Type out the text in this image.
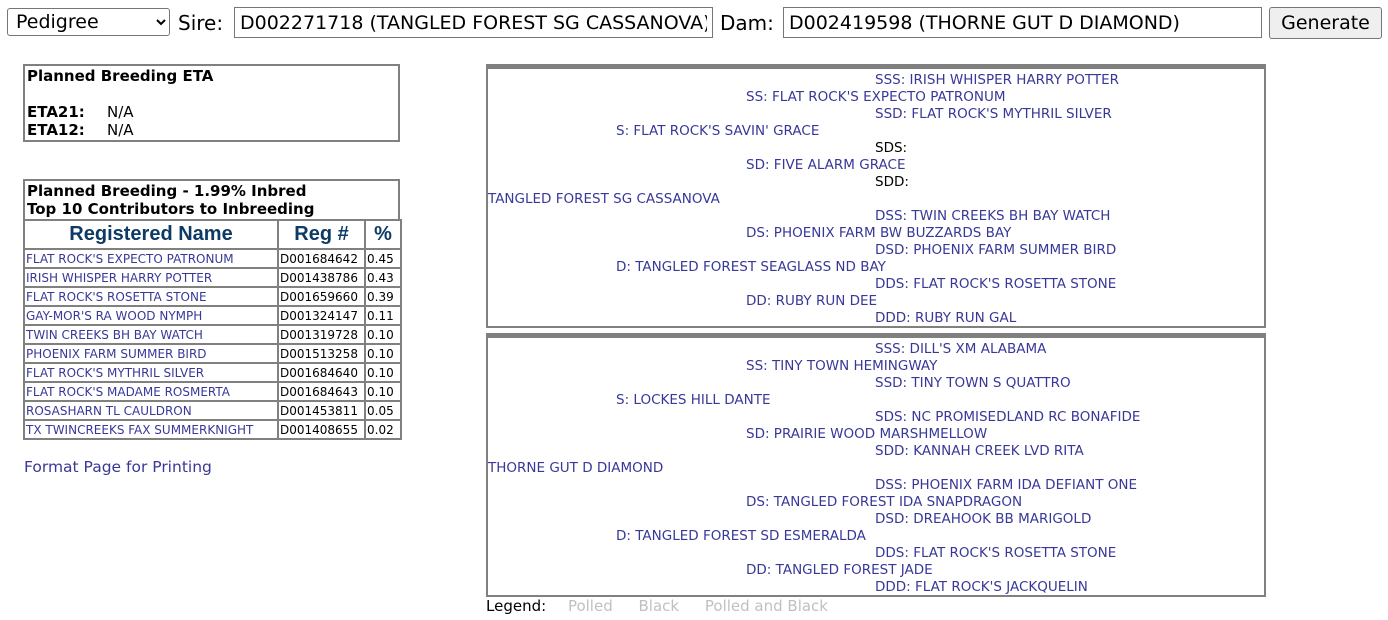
Pedigree
Sire:
D002271718 (TANGLED FOREST SG CASSANOVA)	Dam:
D002419598 (THORNE GUT D DIAMOND)	Generate
Planned Breeding ETA
ETA21: N/A
ETA12: N/A
Planned Breeding - 1.99% Inbred
Top 10 Contributors to Inbreeding
Registered Name	Reg #	%
FLAT ROCK'S EXPECTO PATRONUM	D001684642	0.45
IRISH WHISPER HARRY POTTER	D001438786	0.43
FLAT ROCK'S ROSETTA STONE	D001659660	0.39
GAY-MOR'S RA WOOD NYMPH	D001324147	0.11
TWIN CREEKS BH BAY WATCH	D001319728	0.10
PHOENIX FARM SUMMER BIRD	D001513258	0.10
FLAT ROCK'S MYTHRIL SILVER	D001684640	0.10
FLAT ROCK'S MADAME ROSMERTA	D001684643	0.10
ROSASHARN TL CAULDRON	D001453811	0.05
TX TWINCREEKS FAX SUMMERKNIGHT	D001408655	0.02
Format Page for Printing
SSS: IRISH WHISPER HARRY POTTER
SS: FLAT ROCK'S EXPECTO PATRONUM
SSD: FLAT ROCK'S MYTHRIL SILVER
S: FLAT ROCK'S SAVIN' GRACE
SDS:
SD: FIVE ALARM GRACE
SDD:
TANGLED FOREST SG CASSANOVA
DSS: TWIN CREEKS BH BAY WATCH
DS: PHOENIX FARM BW BUZZARDS BAY
DSD: PHOENIX FARM SUMMER BIRD
D: TANGLED FOREST SEAGLASS ND BAY
DDS: FLAT ROCK'S ROSETTA STONE
DD: RUBY RUN DEE
DDD: RUBY RUN GAL
SSS: DILL'S XM ALABAMA
SS: TINY TOWN HEMINGWAY
SSD: TINY TOWN S QUATTRO
S: LOCKES HILL DANTE
SDS: NC PROMISEDLAND RC BONAFIDE
SD: PRAIRIE WOOD MARSHMELLOW
SDD: KANNAH CREEK LVD RITA
THORNE GUT D DIAMOND
DSS: PHOENIX FARM IDA DEFIANT ONE
DS: TANGLED FOREST IDA SNAPDRAGON
DSD: DREAHOOK BB MARIGOLD
D: TANGLED FOREST SD ESMERALDA
DDS: FLAT ROCK'S ROSETTA STONE
DD: TANGLED FOREST JADE
DDD: FLAT ROCK'S JACKQUELIN
Legend: Polled Black Polled and Black
